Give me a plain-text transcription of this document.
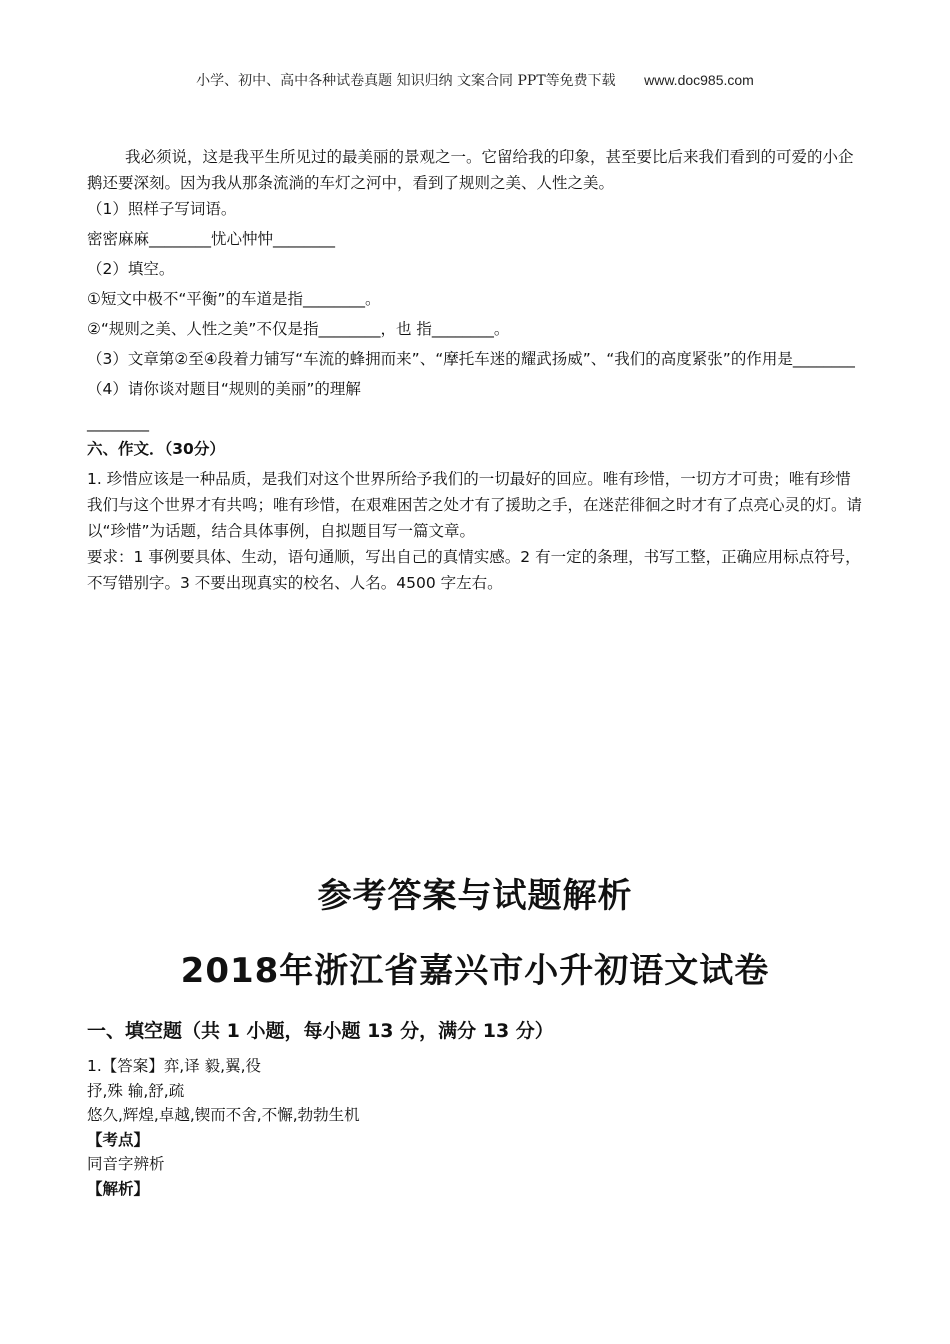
小学、初中、高中各种试卷真题 知识归纳 文案合同 PPT等免费下载 www.doc985.com

我必须说，这是我平生所见过的最美丽的景观之一。它留给我的印象，甚至要比后来我们看到的可爱的小企鹅还要深刻。因为我从那条流淌的车灯之河中，看到了规则之美、人性之美。

（1）照样子写词语。

密密麻麻________忧心忡忡________

（2）填空。

①短文中极不“平衡”的车道是指________。

②“规则之美、人性之美”不仅是指________，也 指________。

（3）文章第②至④段着力铺写“车流的蜂拥而来”、“摩托车迷的耀武扬威”、“我们的高度紧张”的作用是________

（4）请你谈对题目“规则的美丽”的理解

________

六、作文．（30分）

1. 珍惜应该是一种品质，是我们对这个世界所给予我们的一切最好的回应。唯有珍惜，一切方才可贵；唯有珍惜我们与这个世界才有共鸣；唯有珍惜，在艰难困苦之处才有了援助之手，在迷茫徘徊之时才有了点亮心灵的灯。请以“珍惜”为话题，结合具体事例，自拟题目写一篇文章。

要求：1 事例要具体、生动，语句通顺，写出自己的真情实感。2 有一定的条理，书写工整，正确应用标点符号，不写错别字。3 不要出现真实的校名、人名。4500 字左右。

参考答案与试题解析
2018年浙江省嘉兴市小升初语文试卷
一、填空题（共 1 小题，每小题 13 分，满分 13 分）

1.【答案】弈,译 毅,翼,役

抒,殊 输,舒,疏

悠久,辉煌,卓越,锲而不舍,不懈,勃勃生机

【考点】

同音字辨析

【解析】
